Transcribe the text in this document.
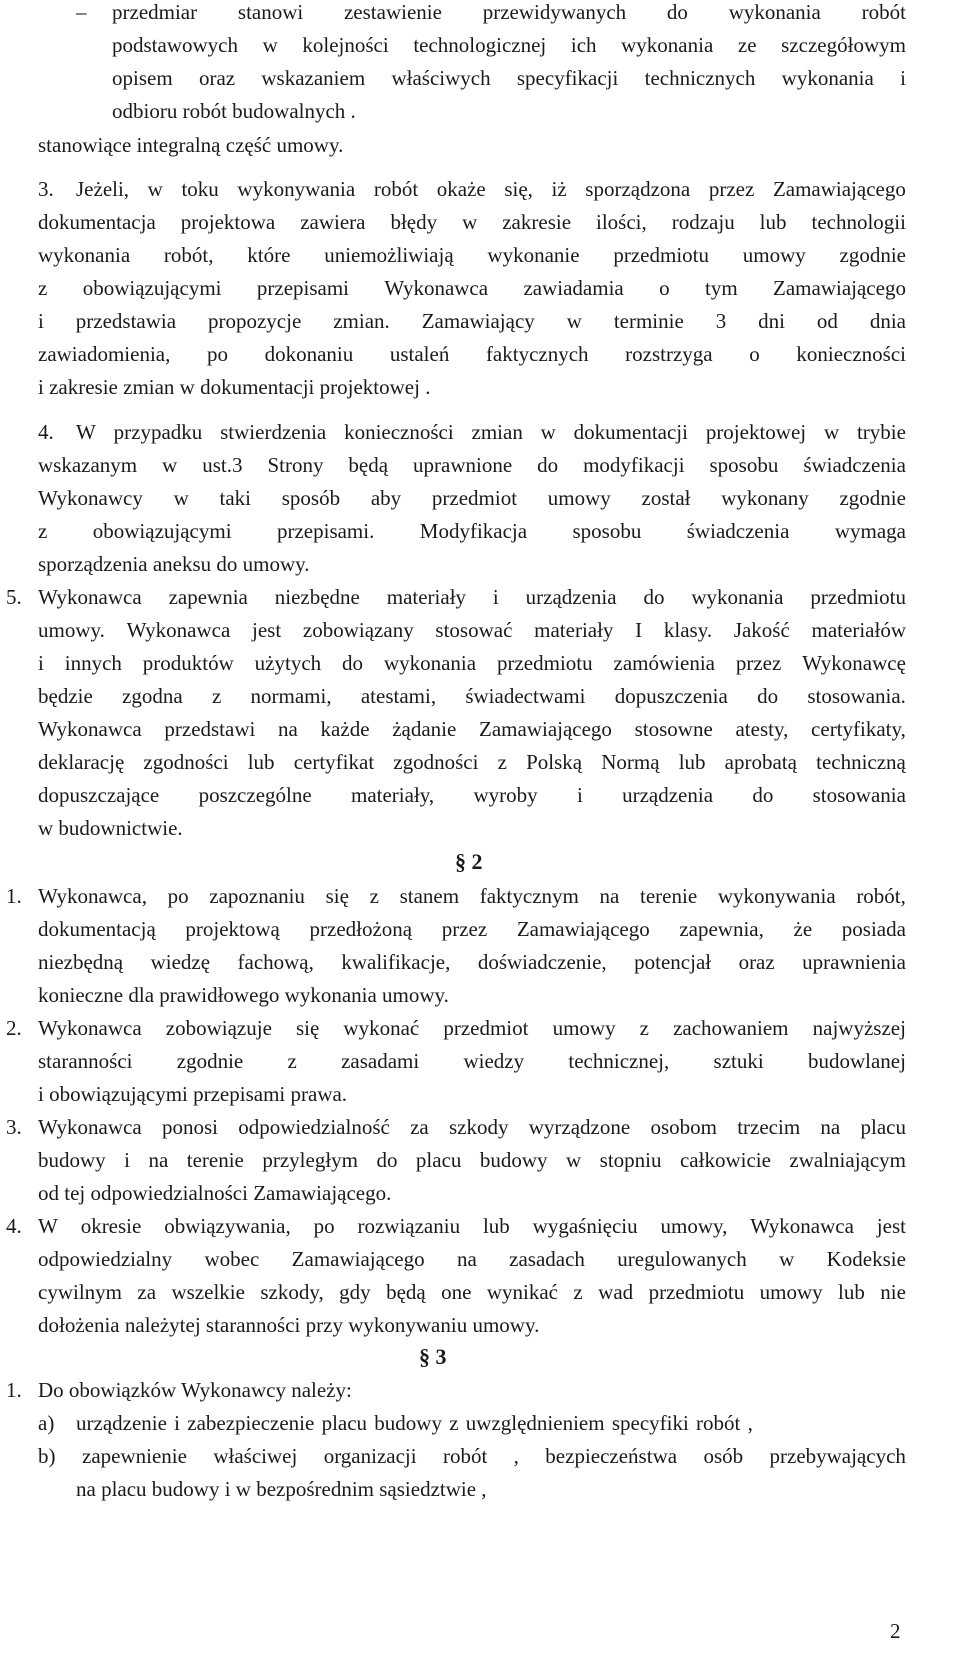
– przedmiar stanowi zestawienie przewidywanych do wykonania robót
podstawowych w kolejności technologicznej ich wykonania ze szczegółowym
opisem oraz wskazaniem właściwych specyfikacji technicznych wykonania i
odbioru robót budowalnych .
stanowiące integralną część umowy.
3. Jeżeli, w toku wykonywania robót okaże się, iż sporządzona przez Zamawiającego
dokumentacja projektowa zawiera błędy w zakresie ilości, rodzaju lub technologii
wykonania robót, które uniemożliwiają wykonanie przedmiotu umowy zgodnie
z obowiązującymi przepisami Wykonawca zawiadamia o tym Zamawiającego
i przedstawia propozycje zmian. Zamawiający w terminie 3 dni od dnia
zawiadomienia, po dokonaniu ustaleń faktycznych rozstrzyga o konieczności
i zakresie zmian w dokumentacji projektowej .
4. W przypadku stwierdzenia konieczności zmian w dokumentacji projektowej w trybie
wskazanym w ust.3 Strony będą uprawnione do modyfikacji sposobu świadczenia
Wykonawcy w taki sposób aby przedmiot umowy został wykonany zgodnie
z obowiązującymi przepisami. Modyfikacja sposobu świadczenia wymaga
sporządzenia aneksu do umowy.
5. Wykonawca zapewnia niezbędne materiały i urządzenia do wykonania przedmiotu
umowy. Wykonawca jest zobowiązany stosować materiały I klasy. Jakość materiałów
i innych produktów użytych do wykonania przedmiotu zamówienia przez Wykonawcę
będzie zgodna z normami, atestami, świadectwami dopuszczenia do stosowania.
Wykonawca przedstawi na każde żądanie Zamawiającego stosowne atesty, certyfikaty,
deklarację zgodności lub certyfikat zgodności z Polską Normą lub aprobatą techniczną
dopuszczające poszczególne materiały, wyroby i urządzenia do stosowania
w budownictwie.
§ 2
1. Wykonawca, po zapoznaniu się z stanem faktycznym na terenie wykonywania robót,
dokumentacją projektową przedłożoną przez Zamawiającego zapewnia, że posiada
niezbędną wiedzę fachową, kwalifikacje, doświadczenie, potencjał oraz uprawnienia
konieczne dla prawidłowego wykonania umowy.
2. Wykonawca zobowiązuje się wykonać przedmiot umowy z zachowaniem najwyższej
staranności zgodnie z zasadami wiedzy technicznej, sztuki budowlanej
i obowiązującymi przepisami prawa.
3. Wykonawca ponosi odpowiedzialność za szkody wyrządzone osobom trzecim na placu
budowy i na terenie przyległym do placu budowy w stopniu całkowicie zwalniającym
od tej odpowiedzialności Zamawiającego.
4. W okresie obwiązywania, po rozwiązaniu lub wygaśnięciu umowy, Wykonawca jest
odpowiedzialny wobec Zamawiającego na zasadach uregulowanych w Kodeksie
cywilnym za wszelkie szkody, gdy będą one wynikać z wad przedmiotu umowy lub nie
dołożenia należytej staranności przy wykonywaniu umowy.
§ 3
1. Do obowiązków Wykonawcy należy:
a) urządzenie i zabezpieczenie placu budowy z uwzględnieniem specyfiki robót ,
b) zapewnienie właściwej organizacji robót , bezpieczeństwa osób przebywających
na placu budowy i w bezpośrednim sąsiedztwie ,
2
